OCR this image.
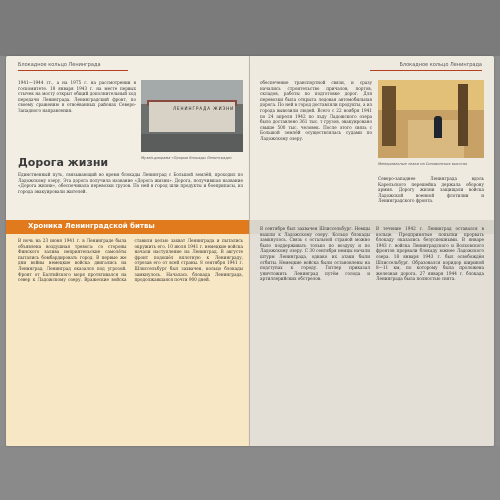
Блокадное кольцо Ленинграда
1941—1944 гг., а на 1975 г. на рассмотрении в госкомитете. 18 января 1943 г. на месте первых стычек на мосту открыт общий дополнительный ход передачи Ленинграда. Ленинградский фронт, по своему сражению в отвоёванных районах Северо-Западного направления.	ЛЕНИНГРАДА ЖИЗНИ
Музей-диорама «Прорыв блокады Ленинграда»
Дорога жизни
Единственный путь, связывающий во время блокады Ленинград с Большой землёй, проходил по Ладожскому озеру. Эта дорога получила название «Дорога жизни». Дорога, получившая название «Дорога жизни», обеспечивала перевозки грузов. По ней в город шли продукты и боеприпасы, из города эвакуировали жителей.
Хроника Ленинградской битвы
В ночь на 23 июня 1941 г. в Ленинграде была объявлена воздушная тревога: со стороны Финского залива неприятельские самолёты пытались бомбардировать город. В первые же дни войны немецкие войска двигались на Ленинград. Ленинград оказался под угрозой. Фронт от Балтийского моря протягивался на север к Ладожскому озеру. Вражеские войска ставили целью захват Ленинграда и пытались окружить его. 10 июля 1941 г. немецкие войска начали наступление на Ленинград. В августе фронт подошёл вплотную к Ленинграду, отрезав его от всей страны. 8 сентября 1941 г. Шлиссельбург был захвачен, кольцо блокады замкнулось. Началась блокада Ленинграда, продолжавшаяся почти 900 дней.
Блокадное кольцо Ленинграда
обеспечение транспортной связи, и сразу начались строительство причалов, портов, складов, работы по подготовке дорог. Для перевозки была открыта ледовая автомобильная дорога. По ней в город доставляли продукты, а из города вывозили людей. Всего с 22 ноября 1941 по 24 апреля 1942 по льду Ладожского озера было доставлено 361 тыс. т грузов, эвакуировано свыше 500 тыс. человек. После этого связь с Большой землёй осуществлялась судами по Ладожскому озеру.
Мемориальные знаки на Синявинских высотах
Северо-западнее Ленинграда вдоль Карельского перешейка держала оборону армия. Дорогу жизни защищали войска Ладожской военной флотилии и Ленинградского фронта.
В сентябре был захвачен Шлиссельбург. Немцы вышли к Ладожскому озеру. Кольцо блокады замкнулось. Связь с остальной страной можно было поддерживать только по воздуху и по Ладожскому озеру. С 30 сентября немцы начали штурм Ленинграда, однако их атаки были отбиты. Немецкие войска были остановлены на подступах к городу. Гитлер приказал уничтожить Ленинград путём голода и артиллерийских обстрелов.
В течение 1942 г. Ленинград оставался в кольце. Предпринятые попытки прорвать блокаду оказались безуспешными. В январе 1943 г. войска Ленинградского и Волховского фронтов прорвали блокаду южнее Ладожского озера. 18 января 1943 г. был освобождён Шлиссельбург. Образовался коридор шириной 8—11 км, по которому была проложена железная дорога. 27 января 1944 г. блокада Ленинграда была полностью снята.
